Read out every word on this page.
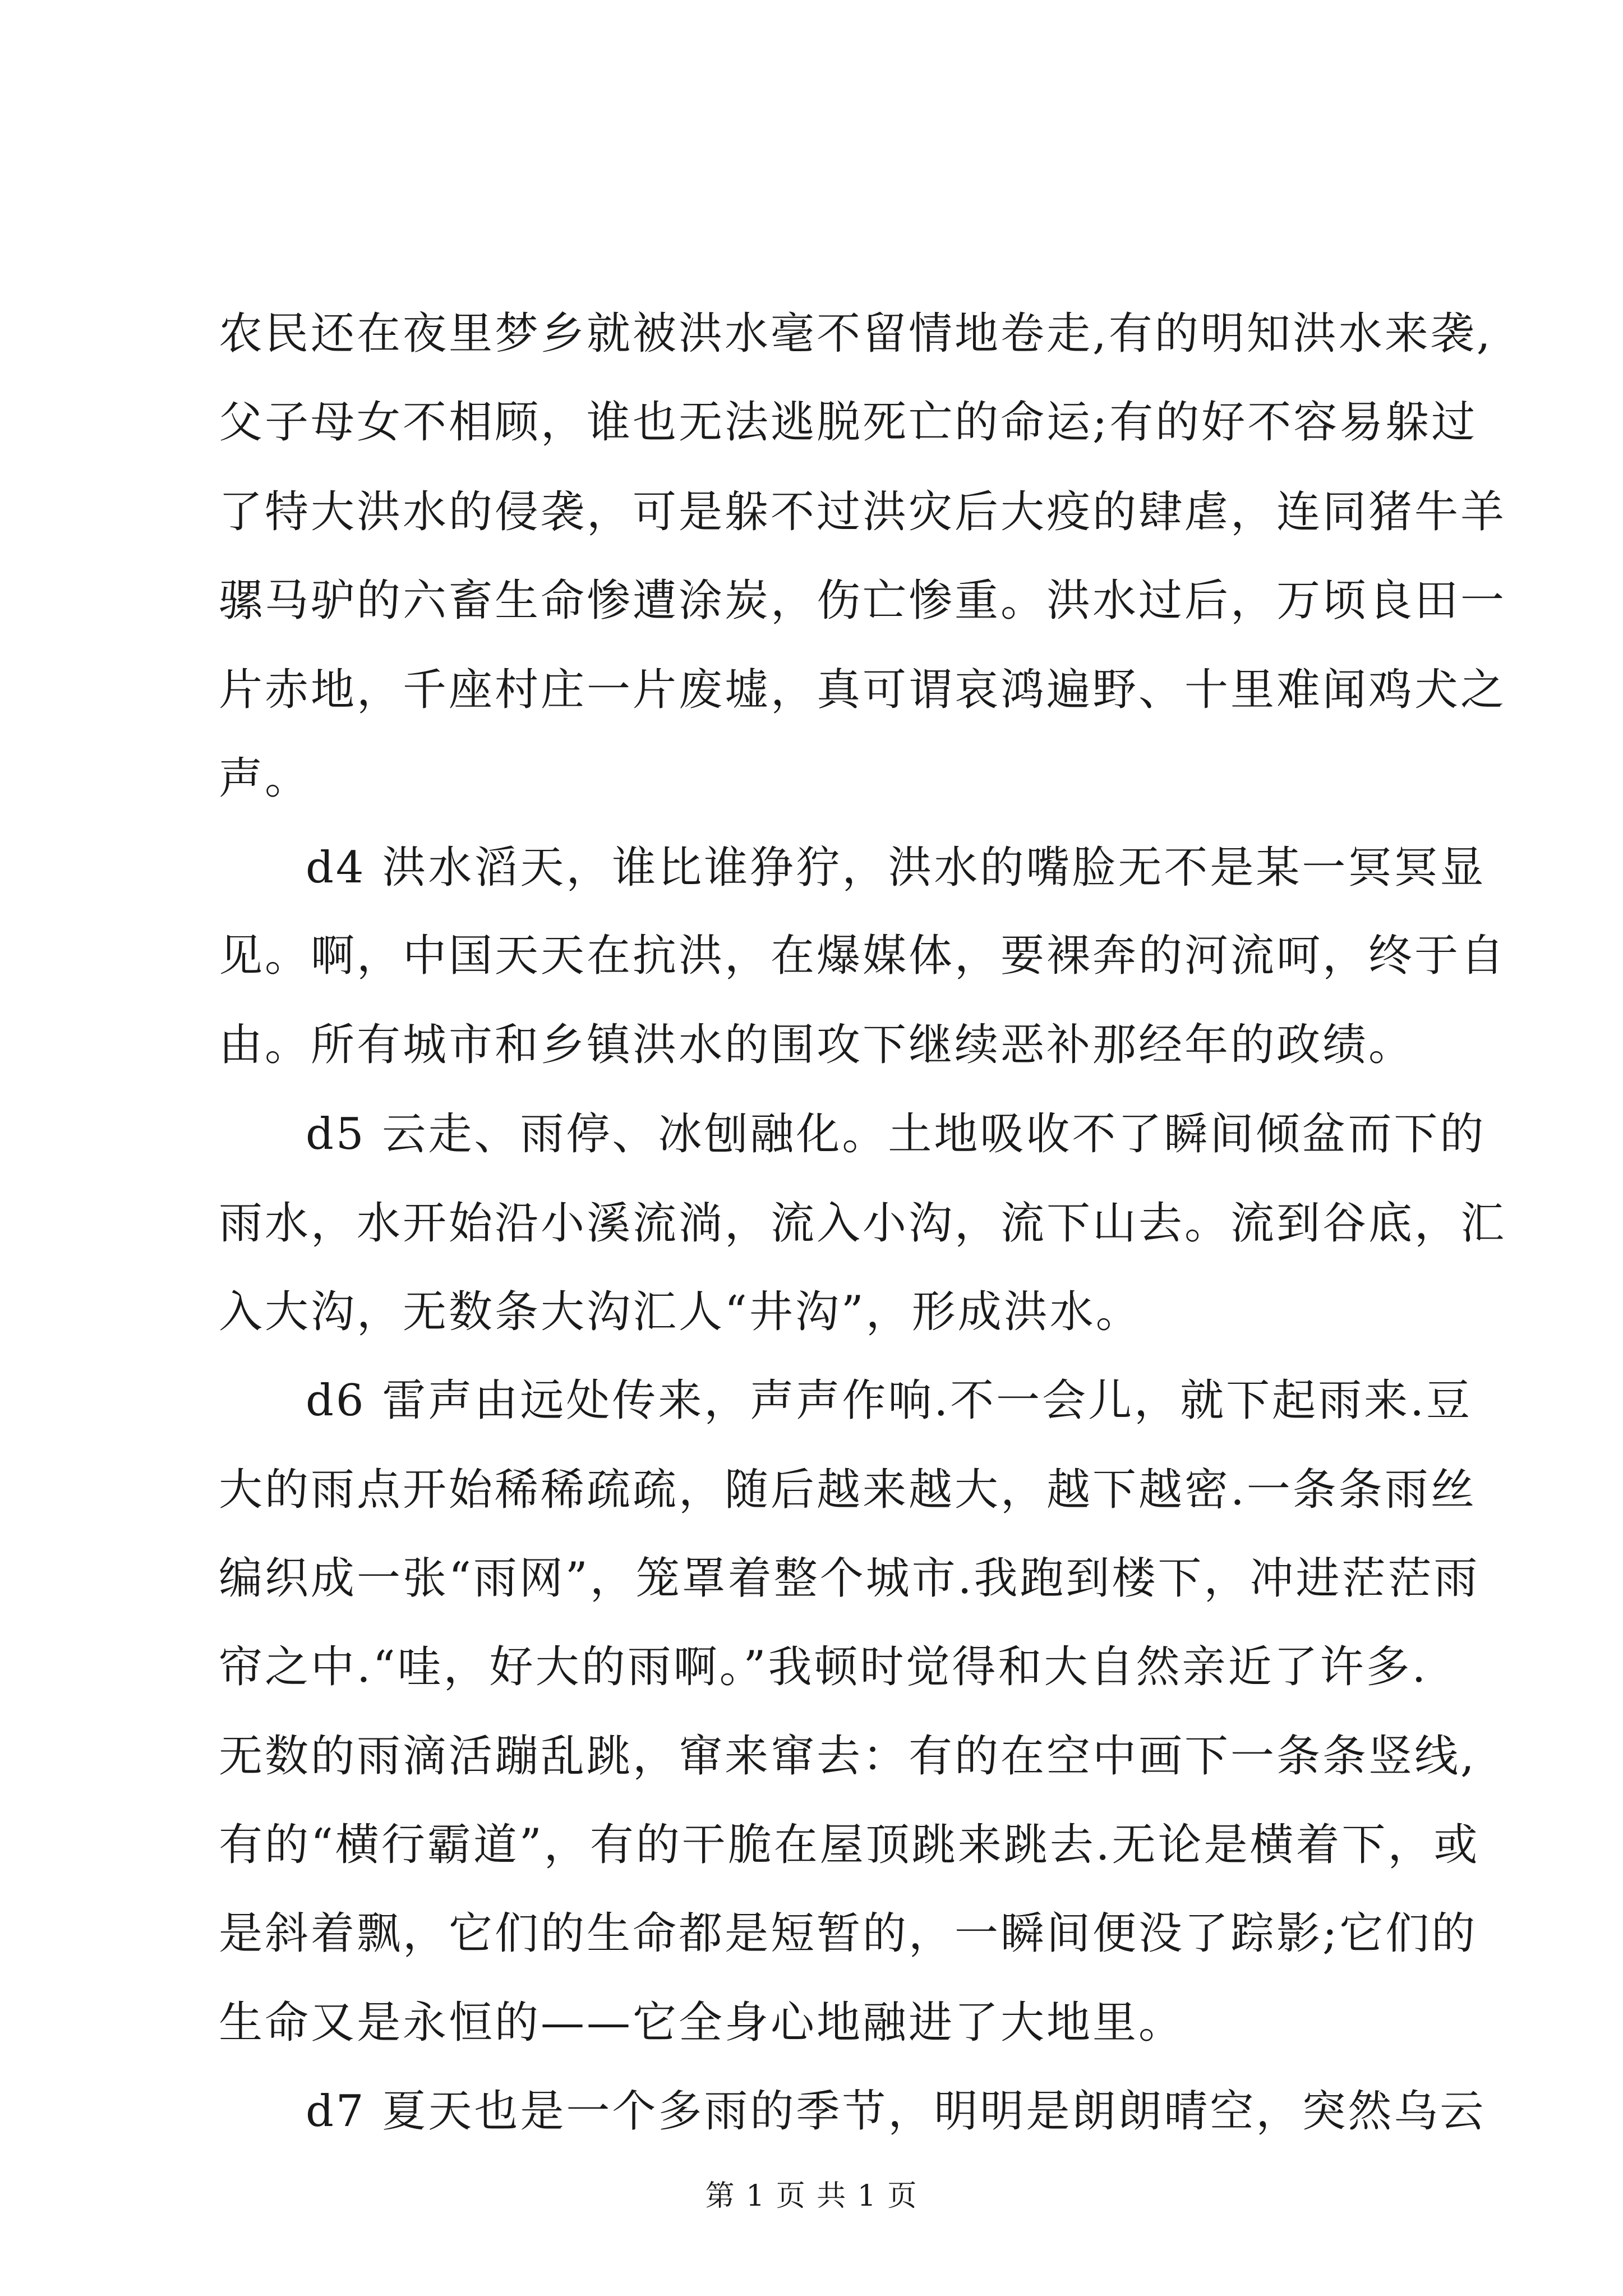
农民还在夜里梦乡就被洪水毫不留情地卷走,有的明知洪水来袭,
父子母女不相顾，谁也无法逃脱死亡的命运;有的好不容易躲过
了特大洪水的侵袭，可是躲不过洪灾后大疫的肆虐，连同猪牛羊
骡马驴的六畜生命惨遭涂炭，伤亡惨重。洪水过后，万顷良田一
片赤地，千座村庄一片废墟，真可谓哀鸿遍野、十里难闻鸡犬之
声。
d4 洪水滔天，谁比谁狰狞，洪水的嘴脸无不是某一冥冥显
见。啊，中国天天在抗洪，在爆媒体，要裸奔的河流呵，终于自
由。所有城市和乡镇洪水的围攻下继续恶补那经年的政绩。
d5 云走、雨停、冰刨融化。土地吸收不了瞬间倾盆而下的
雨水，水开始沿小溪流淌，流入小沟，流下山去。流到谷底，汇
入大沟，无数条大沟汇人“井沟”，形成洪水。
d6 雷声由远处传来，声声作响.不一会儿，就下起雨来.豆
大的雨点开始稀稀疏疏，随后越来越大，越下越密.一条条雨丝
编织成一张“雨网”，笼罩着整个城市.我跑到楼下，冲进茫茫雨
帘之中.“哇，好大的雨啊。”我顿时觉得和大自然亲近了许多.
无数的雨滴活蹦乱跳，窜来窜去：有的在空中画下一条条竖线,
有的“横行霸道”，有的干脆在屋顶跳来跳去.无论是横着下，或
是斜着飘，它们的生命都是短暂的，一瞬间便没了踪影;它们的
生命又是永恒的——它全身心地融进了大地里。
d7 夏天也是一个多雨的季节，明明是朗朗晴空，突然乌云
第 1 页 共 1 页
